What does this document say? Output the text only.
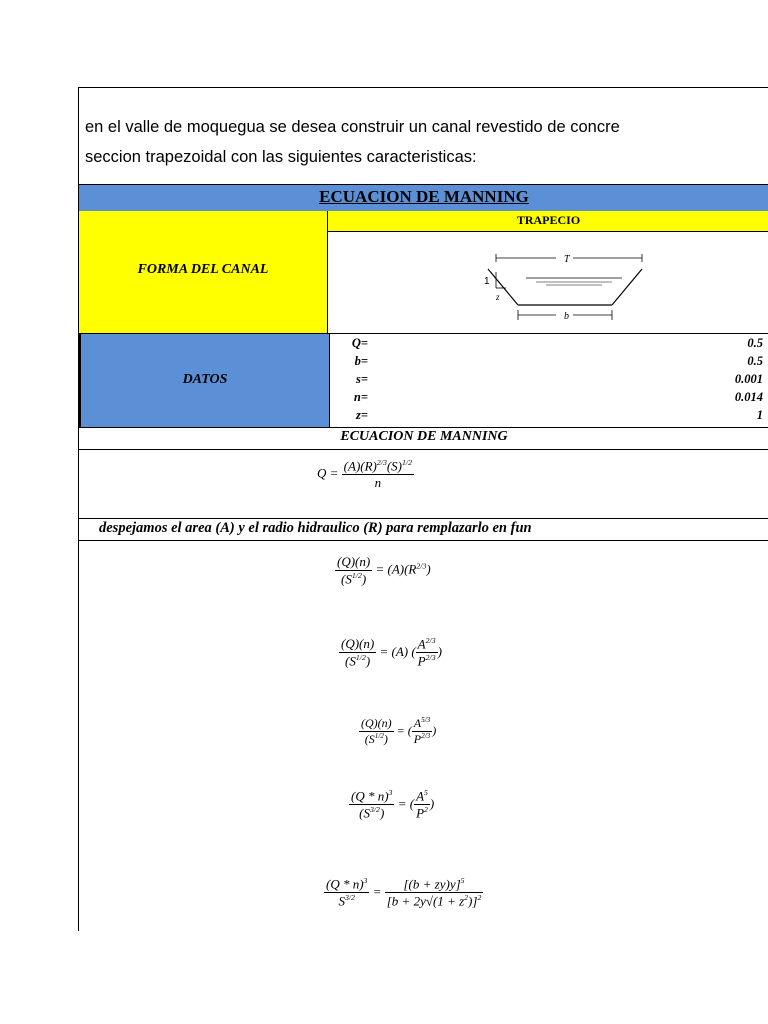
en el valle de moquegua se desea construir un canal revestido de concre
seccion trapezoidal con las siguientes caracteristicas:
ECUACION DE MANNING
FORMA DEL CANAL
TRAPECIO
T
b
1
z
DATOS
Q=	0.5
b=	0.5
s=	0.001
n=	0.014
z=	1
ECUACION DE MANNING
$Q = \frac{(A)(R)^{2/3}(S)^{1/2}}{n}$
despejamos el area (A) y el radio hidraulico (R) para remplazarlo en fun
$\frac{(Q)(n)}{(S^{1/2})} = (A)(R^{2/3})$
$\frac{(Q)(n)}{(S^{1/2})} = (A)$ ( $\frac{A^{2/3}}{P^{2/3}}$ )
$\frac{(Q)(n)}{(S^{1/2})}$ = ( $\frac{A^{5/3}}{P^{2/3}}$ )
$\frac{(Q * n)^3}{(S^{3/2})}$ = ( $\frac{A^5}{P^2}$ )
$\frac{(Q * n)^3}{S^{3/2}} = \frac{[(b + zy)y]^5}{[b + 2y√(1 + z^2)]^2}$
